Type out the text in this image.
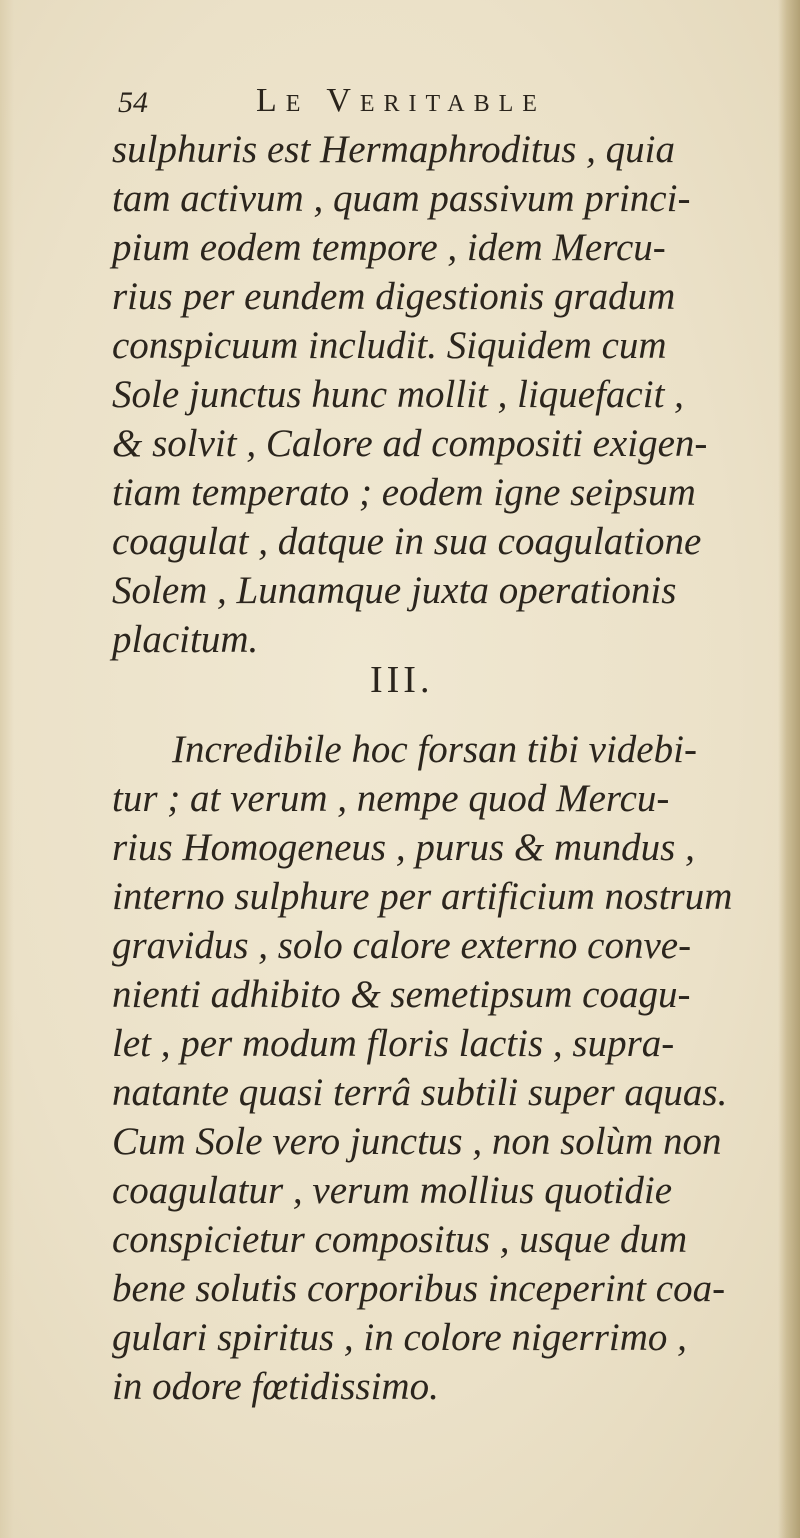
54	Le Veritable
sulphuris est Hermaphroditus , quia
tam activum , quam passivum princi-
pium eodem tempore , idem Mercu-
rius per eundem digestionis gradum
conspicuum includit. Siquidem cum
Sole junctus hunc mollit , liquefacit ,
& solvit , Calore ad compositi exigen-
tiam temperato ; eodem igne seipsum
coagulat , datque in sua coagulatione
Solem , Lunamque juxta operationis
placitum.
III.
Incredibile hoc forsan tibi videbi-
tur ; at verum , nempe quod Mercu-
rius Homogeneus , purus & mundus ,
interno sulphure per artificium nostrum
gravidus , solo calore externo conve-
nienti adhibito & semetipsum coagu-
let , per modum floris lactis , supra-
natante quasi terrâ subtili super aquas.
Cum Sole vero junctus , non solùm non
coagulatur , verum mollius quotidie
conspicietur compositus , usque dum
bene solutis corporibus inceperint coa-
gulari spiritus , in colore nigerrimo ,
in odore fœtidissimo.
